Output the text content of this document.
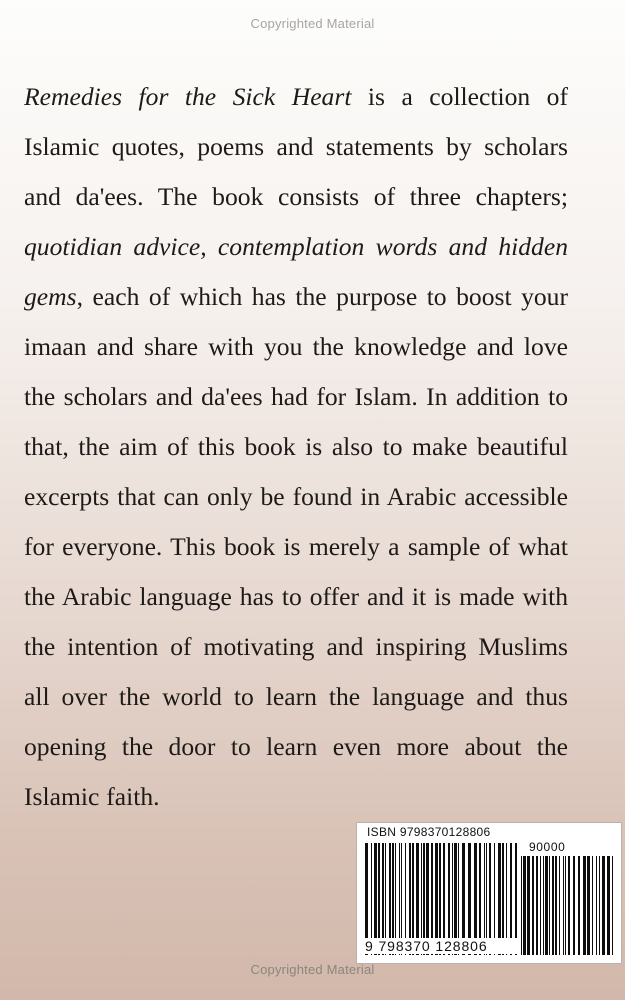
Copyrighted Material

Remedies for the Sick Heart is a collection of Islamic quotes, poems and statements by scholars and da'ees. The book consists of three chapters; quotidian advice, contemplation words and hidden gems, each of which has the purpose to boost your imaan and share with you the knowledge and love the scholars and da'ees had for Islam. In addition to that, the aim of this book is also to make beautiful excerpts that can only be found in Arabic accessible for everyone. This book is merely a sample of what the Arabic language has to offer and it is made with the intention of motivating and inspiring Muslims all over the world to learn the language and thus opening the door to learn even more about the Islamic faith.

ISBN 9798370128806
90000
9 798370 128806
Copyrighted Material
